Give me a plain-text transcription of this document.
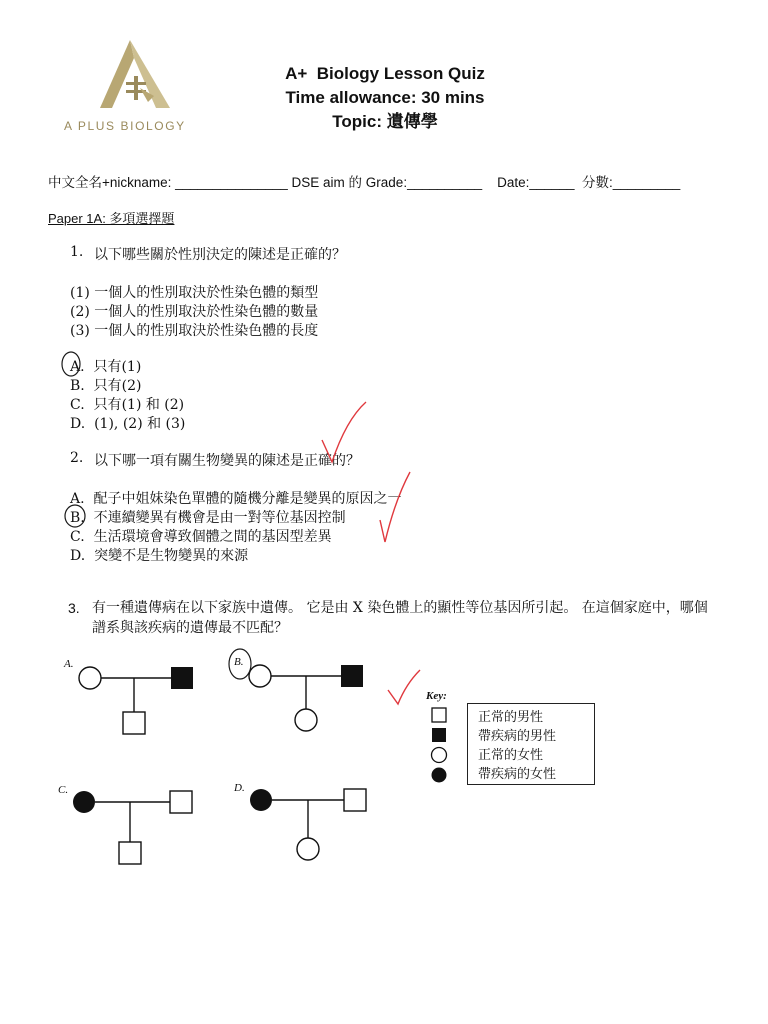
A PLUS BIOLOGY
A+  Biology Lesson Quiz
Time allowance: 30 mins
Topic: 遺傳學
中文全名+nickname: _______________ DSE aim 的 Grade:__________    Date:______  分數:_________
Paper 1A: 多項選擇題
1. 以下哪些關於性別決定的陳述是正確的？
(1) 一個人的性別取決於性染色體的類型
(2) 一個人的性別取決於性染色體的數量
(3) 一個人的性別取決於性染色體的長度
A. 只有(1)
B. 只有(2)
C. 只有(1) 和 (2)
D. (1), (2) 和 (3)
2. 以下哪一項有關生物變異的陳述是正確的？
A. 配子中姐妹染色單體的隨機分離是變異的原因之一
B. 不連續變異有機會是由一對等位基因控制
C. 生活環境會導致個體之間的基因型差異
D. 突變不是生物變異的來源
3. 有一種遺傳病在以下家族中遺傳。 它是由 X 染色體上的顯性等位基因所引起。 在這個家庭中，哪個譜系與該疾病的遺傳最不匹配？
A.	B.
C.	D.
Key:
正常的男性
帶疾病的男性
正常的女性
帶疾病的女性
